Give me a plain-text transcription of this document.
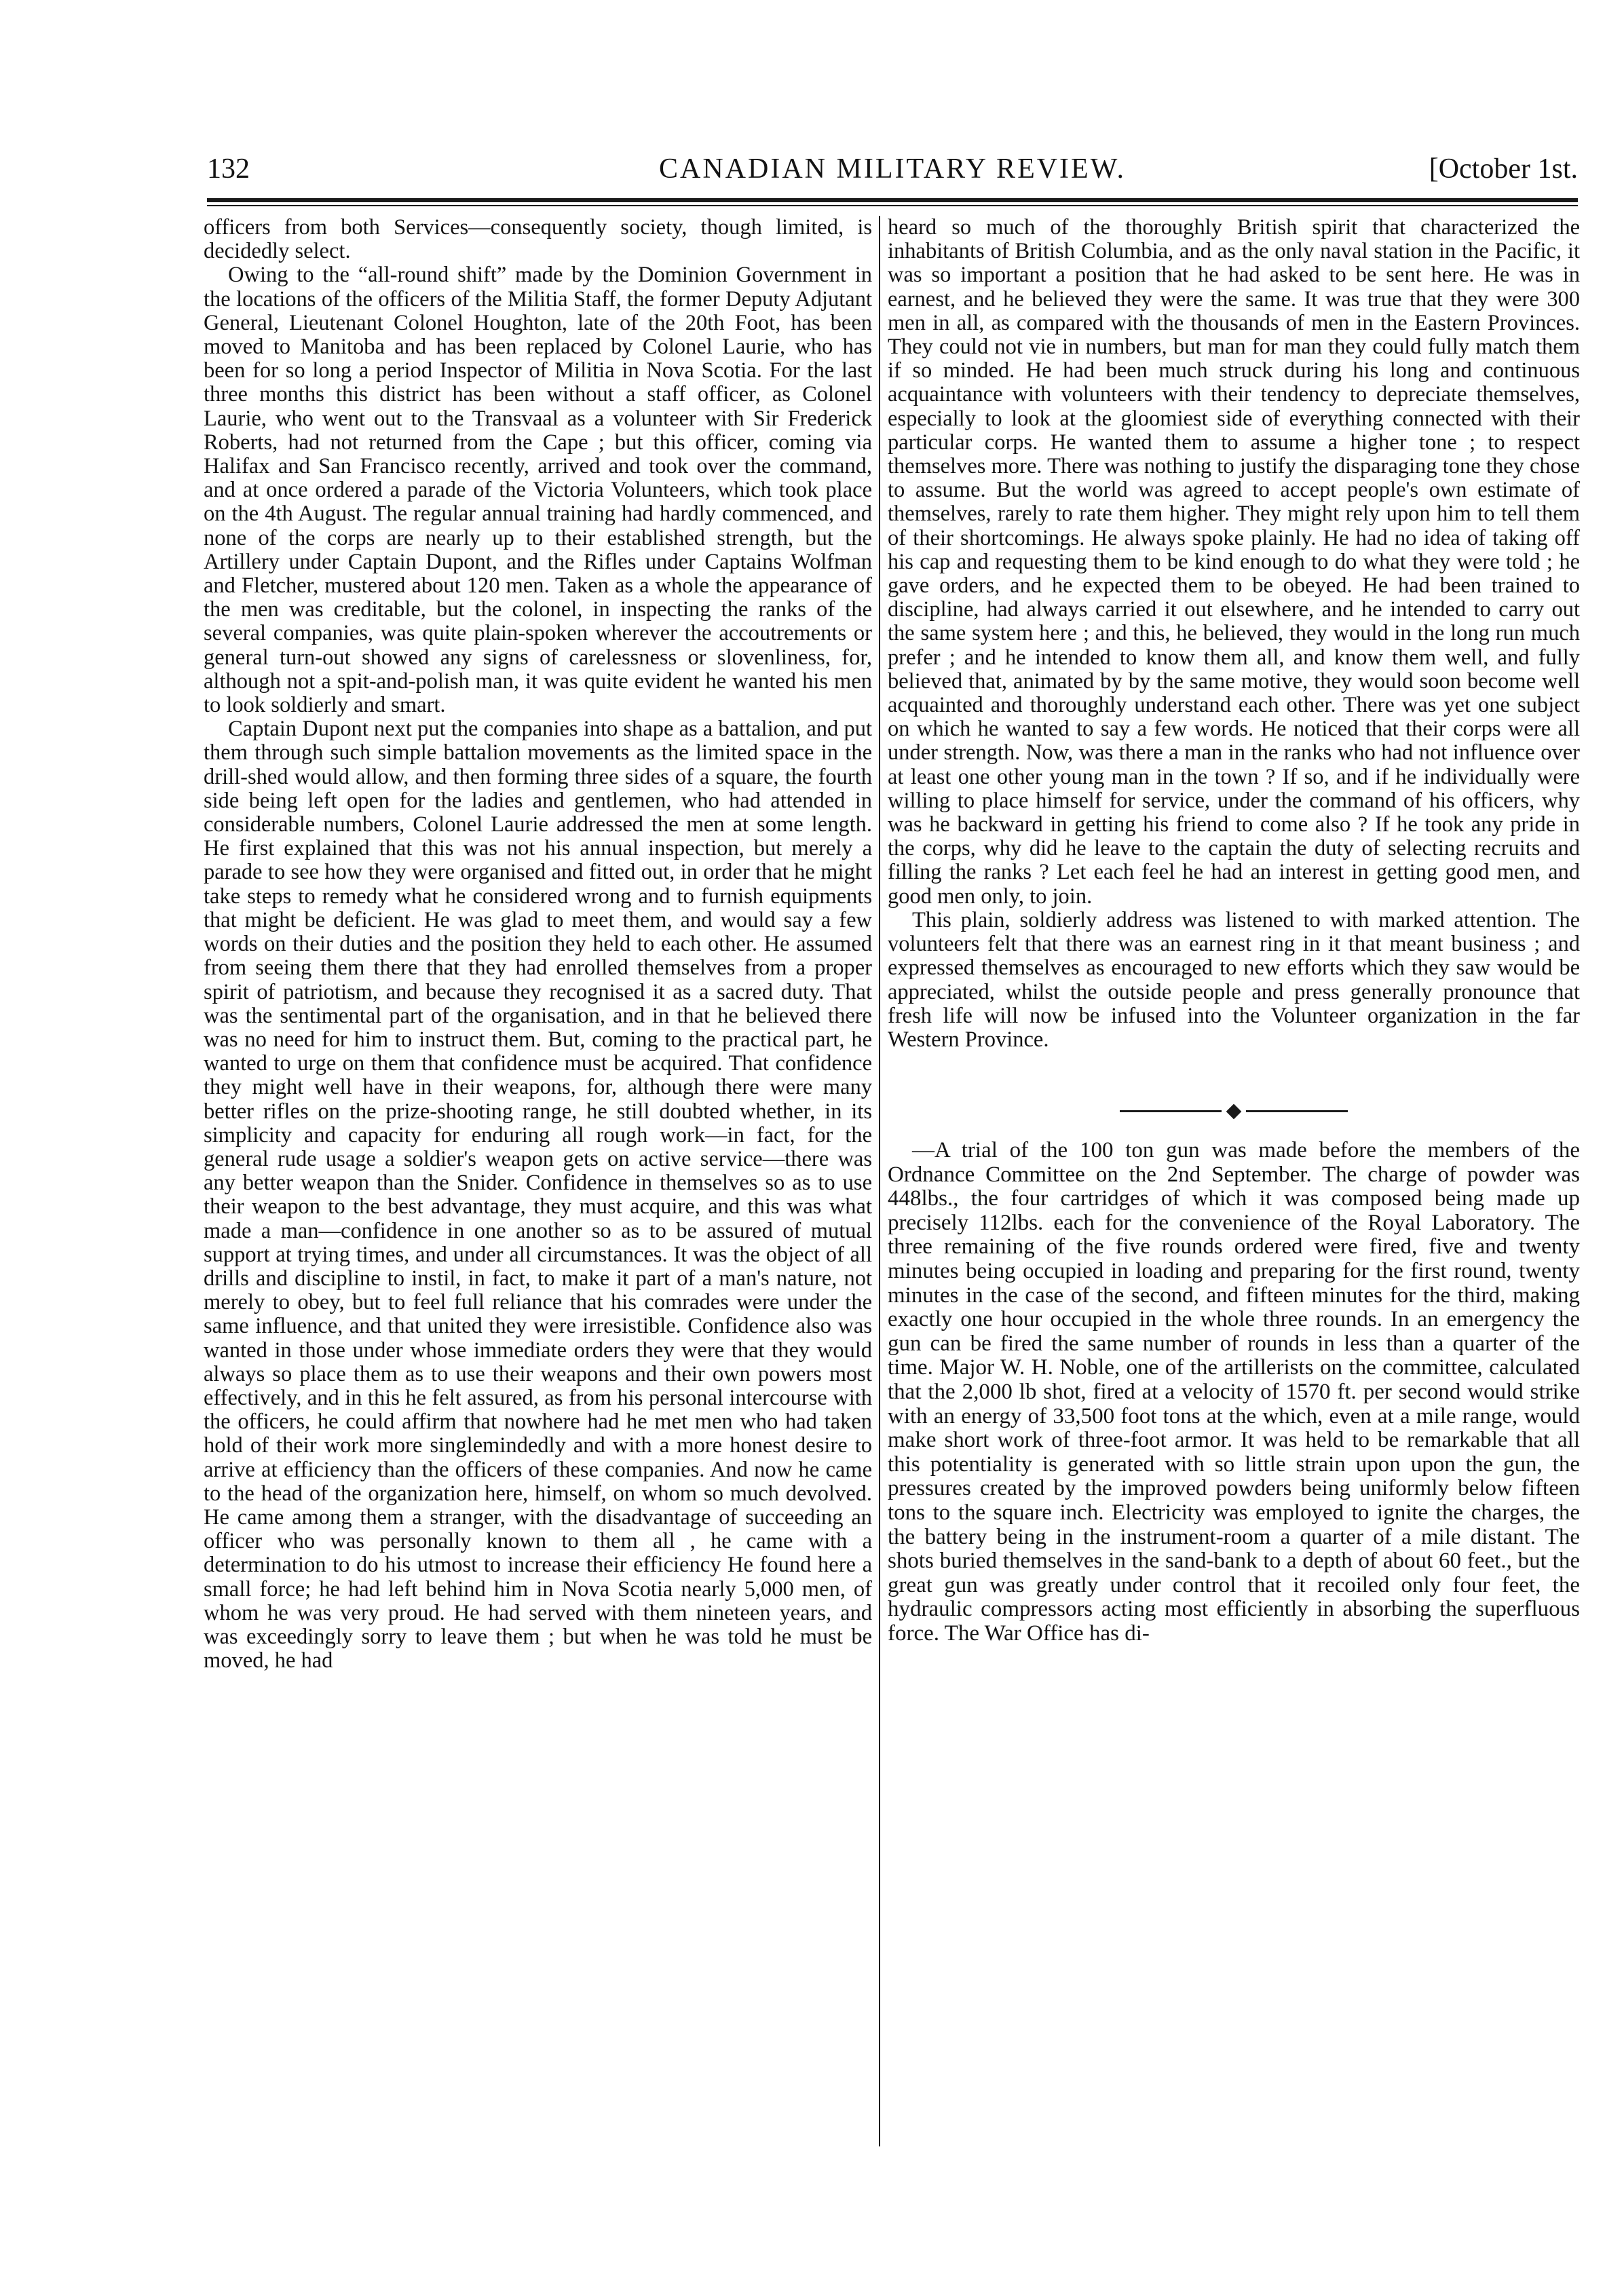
132	CANADIAN MILITARY REVIEW.	[October 1st.

officers from both Services—consequently society, though limited, is decidedly select.

Owing to the “all-round shift” made by the Dominion Government in the locations of the officers of the Militia Staff, the former Deputy Adjutant General, Lieutenant Colonel Houghton, late of the 20th Foot, has been moved to Manitoba and has been replaced by Colonel Laurie, who has been for so long a period Inspector of Militia in Nova Scotia. For the last three months this district has been without a staff officer, as Colonel Laurie, who went out to the Transvaal as a volunteer with Sir Frederick Roberts, had not returned from the Cape ; but this officer, coming via Halifax and San Francisco recently, arrived and took over the command, and at once ordered a parade of the Victoria Volunteers, which took place on the 4th August. The regular annual training had hardly commenced, and none of the corps are nearly up to their established strength, but the Artillery under Captain Dupont, and the Rifles under Captains Wolfman and Fletcher, mustered about 120 men. Taken as a whole the appearance of the men was creditable, but the colonel, in inspecting the ranks of the several companies, was quite plain-spoken wherever the accoutrements or general turn-out showed any signs of carelessness or slovenliness, for, although not a spit-and-polish man, it was quite evident he wanted his men to look soldierly and smart.

Captain Dupont next put the companies into shape as a battalion, and put them through such simple battalion movements as the limited space in the drill-shed would allow, and then forming three sides of a square, the fourth side being left open for the ladies and gentlemen, who had attended in considerable numbers, Colonel Laurie addressed the men at some length. He first explained that this was not his annual inspection, but merely a parade to see how they were organised and fitted out, in order that he might take steps to remedy what he considered wrong and to furnish equipments that might be deficient. He was glad to meet them, and would say a few words on their duties and the position they held to each other. He assumed from seeing them there that they had enrolled themselves from a proper spirit of patriotism, and because they recognised it as a sacred duty. That was the sentimental part of the organisation, and in that he believed there was no need for him to instruct them. But, coming to the practical part, he wanted to urge on them that confidence must be acquired. That confidence they might well have in their weapons, for, although there were many better rifles on the prize-shooting range, he still doubted whether, in its simplicity and capacity for enduring all rough work—in fact, for the general rude usage a soldier's weapon gets on active service—there was any better weapon than the Snider. Confidence in themselves so as to use their weapon to the best advantage, they must acquire, and this was what made a man—confidence in one another so as to be assured of mutual support at trying times, and under all circumstances. It was the object of all drills and discipline to instil, in fact, to make it part of a man's nature, not merely to obey, but to feel full reliance that his comrades were under the same influence, and that united they were irresistible. Confidence also was wanted in those under whose immediate orders they were that they would always so place them as to use their weapons and their own powers most effectively, and in this he felt assured, as from his personal intercourse with the officers, he could affirm that nowhere had he met men who had taken hold of their work more singlemindedly and with a more honest desire to arrive at efficiency than the officers of these companies. And now he came to the head of the organization here, himself, on whom so much devolved. He came among them a stranger, with the disadvantage of succeeding an officer who was personally known to them all , he came with a determination to do his utmost to increase their efficiency He found here a small force; he had left behind him in Nova Scotia nearly 5,000 men, of whom he was very proud. He had served with them nineteen years, and was exceedingly sorry to leave them ; but when he was told he must be moved, he had

heard so much of the thoroughly British spirit that characterized the inhabitants of British Columbia, and as the only naval station in the Pacific, it was so important a position that he had asked to be sent here. He was in earnest, and he believed they were the same. It was true that they were 300 men in all, as compared with the thousands of men in the Eastern Provinces. They could not vie in numbers, but man for man they could fully match them if so minded. He had been much struck during his long and continuous acquaintance with volunteers with their tendency to depreciate themselves, especially to look at the gloomiest side of everything connected with their particular corps. He wanted them to assume a higher tone ; to respect themselves more. There was nothing to justify the disparaging tone they chose to assume. But the world was agreed to accept people's own estimate of themselves, rarely to rate them higher. They might rely upon him to tell them of their shortcomings. He always spoke plainly. He had no idea of taking off his cap and requesting them to be kind enough to do what they were told ; he gave orders, and he expected them to be obeyed. He had been trained to discipline, had always carried it out elsewhere, and he intended to carry out the same system here ; and this, he believed, they would in the long run much prefer ; and he intended to know them all, and know them well, and fully believed that, animated by by the same motive, they would soon become well acquainted and thoroughly understand each other. There was yet one subject on which he wanted to say a few words. He noticed that their corps were all under strength. Now, was there a man in the ranks who had not influence over at least one other young man in the town ? If so, and if he individually were willing to place himself for service, under the command of his officers, why was he backward in getting his friend to come also ? If he took any pride in the corps, why did he leave to the captain the duty of selecting recruits and filling the ranks ? Let each feel he had an interest in getting good men, and good men only, to join.

This plain, soldierly address was listened to with marked attention. The volunteers felt that there was an earnest ring in it that meant business ; and expressed themselves as encouraged to new efforts which they saw would be appreciated, whilst the outside people and press generally pronounce that fresh life will now be infused into the Volunteer organization in the far Western Province.

—A trial of the 100 ton gun was made before the members of the Ordnance Committee on the 2nd September. The charge of powder was 448lbs., the four cartridges of which it was composed being made up precisely 112lbs. each for the convenience of the Royal Laboratory. The three remaining of the five rounds ordered were fired, five and twenty minutes being occupied in loading and preparing for the first round, twenty minutes in the case of the second, and fifteen minutes for the third, making exactly one hour occupied in the whole three rounds. In an emergency the gun can be fired the same number of rounds in less than a quarter of the time. Major W. H. Noble, one of the artillerists on the committee, calculated that the 2,000 lb shot, fired at a velocity of 1570 ft. per second would strike with an energy of 33,500 foot tons at the which, even at a mile range, would make short work of three-foot armor. It was held to be remarkable that all this potentiality is generated with so little strain upon upon the gun, the pressures created by the improved powders being uniformly below fifteen tons to the square inch. Electricity was employed to ignite the charges, the the battery being in the instrument-room a quarter of a mile distant. The shots buried themselves in the sand-bank to a depth of about 60 feet., but the great gun was greatly under control that it recoiled only four feet, the hydraulic compressors acting most efficiently in absorbing the superfluous force. The War Office has di-
